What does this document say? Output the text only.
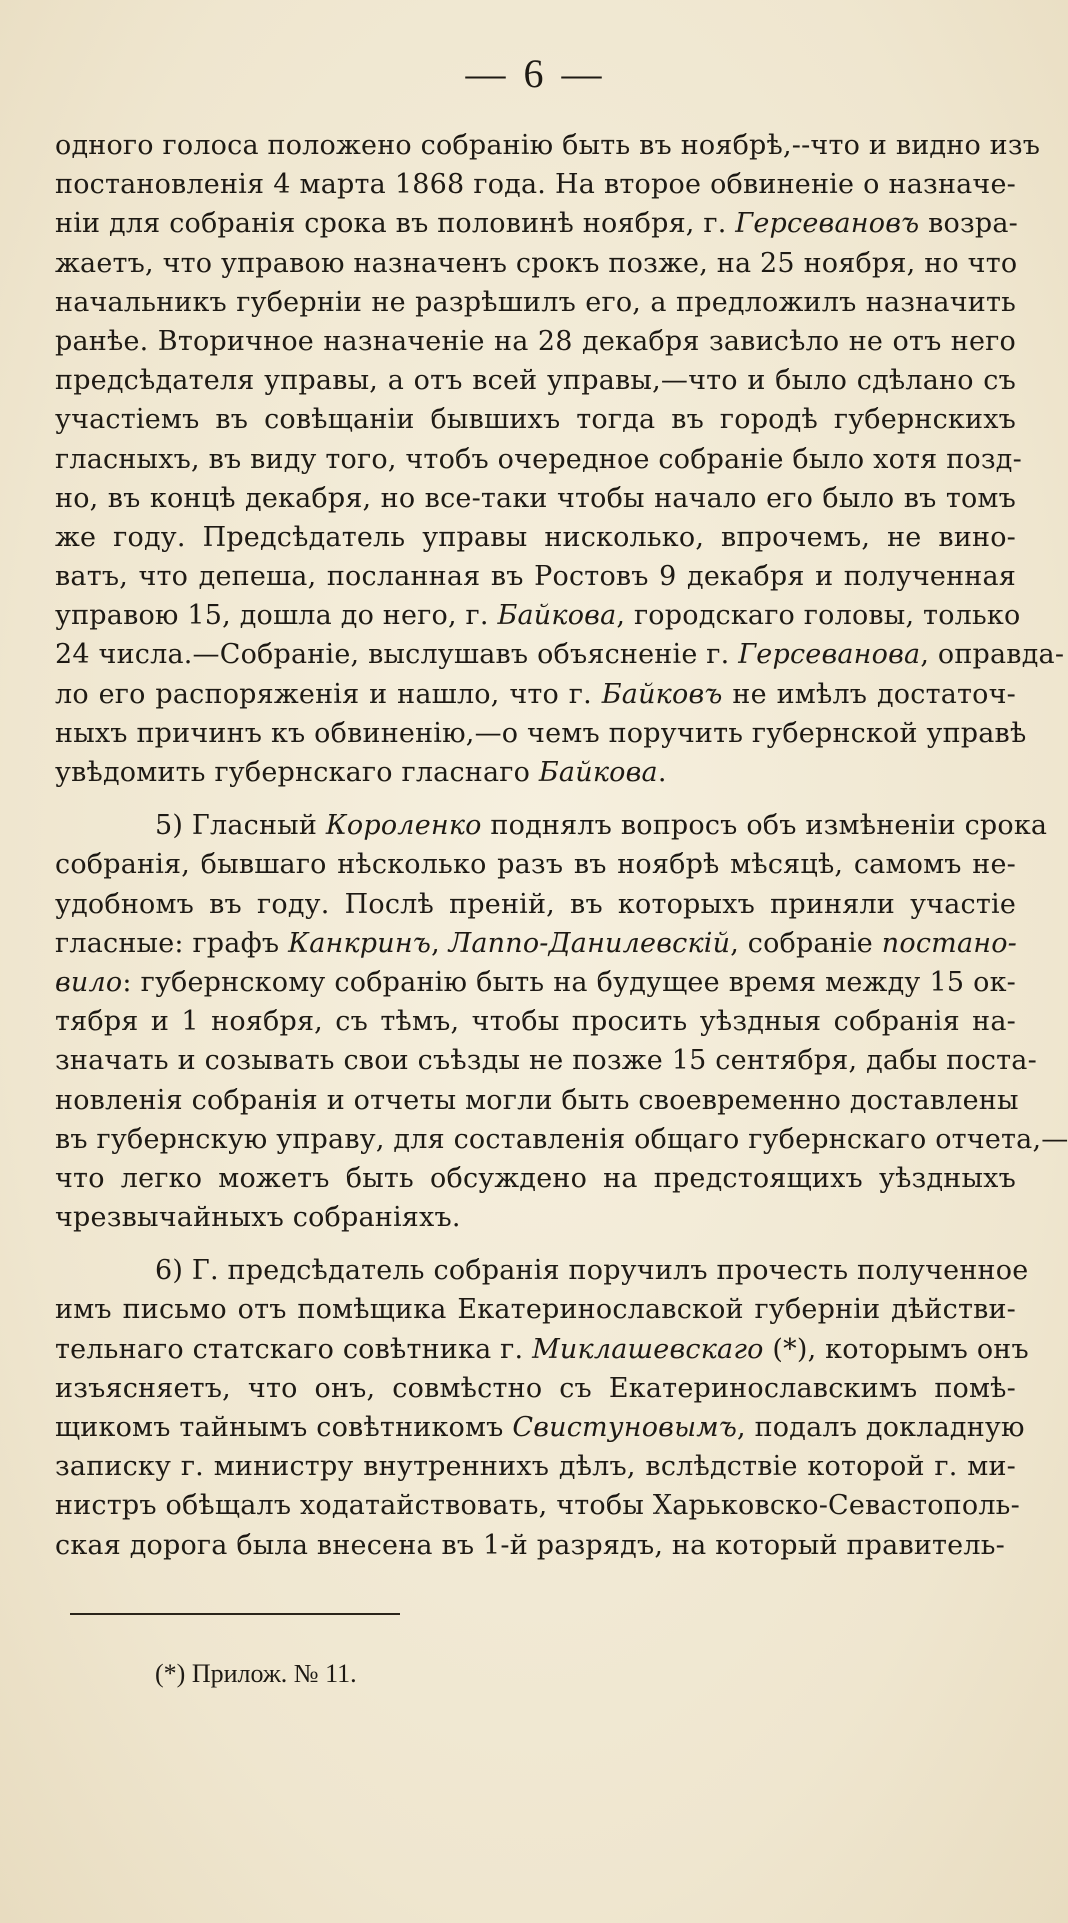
— 6 —
одного голоса положено собранію быть въ ноябрѣ,--что и видно изъ
постановленія 4 марта 1868 года. На второе обвиненіе о назначе-
ніи для собранія срока въ половинѣ ноября, г. Герсевановъ возра-
жаетъ, что управою назначенъ срокъ позже, на 25 ноября, но что
начальникъ губерніи не разрѣшилъ его, а предложилъ назначить
ранѣе. Вторичное назначеніе на 28 декабря зависѣло не отъ него
предсѣдателя управы, а отъ всей управы,—что и было сдѣлано съ
участіемъ въ совѣщаніи бывшихъ тогда въ городѣ губернскихъ
гласныхъ, въ виду того, чтобъ очередное собраніе было хотя позд-
но, въ концѣ декабря, но все-таки чтобы начало его было въ томъ
же году. Предсѣдатель управы нисколько, впрочемъ, не вино-
ватъ, что депеша, посланная въ Ростовъ 9 декабря и полученная
управою 15, дошла до него, г. Байкова, городскаго головы, только
24 числа.—Собраніе, выслушавъ объясненіе г. Герсеванова, оправда-
ло его распоряженія и нашло, что г. Байковъ не имѣлъ достаточ-
ныхъ причинъ къ обвиненію,—о чемъ поручить губернской управѣ
увѣдомить губернскаго гласнаго Байкова.
5) Гласный Короленко поднялъ вопросъ объ измѣненіи срока
собранія, бывшаго нѣсколько разъ въ ноябрѣ мѣсяцѣ, самомъ не-
удобномъ въ году. Послѣ преній, въ которыхъ приняли участіе
гласные: графъ Канкринъ, Лаппо-Данилевскій, собраніе постано-
вило: губернскому собранію быть на будущее время между 15 ок-
тября и 1 ноября, съ тѣмъ, чтобы просить уѣздныя собранія на-
значать и созывать свои съѣзды не позже 15 сентября, дабы поста-
новленія собранія и отчеты могли быть своевременно доставлены
въ губернскую управу, для составленія общаго губернскаго отчета,—
что легко можетъ быть обсуждено на предстоящихъ уѣздныхъ
чрезвычайныхъ собраніяхъ.
6) Г. предсѣдатель собранія поручилъ прочесть полученное
имъ письмо отъ помѣщика Екатеринославской губерніи дѣйстви-
тельнаго статскаго совѣтника г. Миклашевскаго (*), которымъ онъ
изъясняетъ, что онъ, совмѣстно съ Екатеринославскимъ помѣ-
щикомъ тайнымъ совѣтникомъ Свистуновымъ, подалъ докладную
записку г. министру внутреннихъ дѣлъ, вслѣдствіе которой г. ми-
нистръ обѣщалъ ходатайствовать, чтобы Харьковско-Севастополь-
ская дорога была внесена въ 1-й разрядъ, на который правитель-
(*) Прилож. № 11.
